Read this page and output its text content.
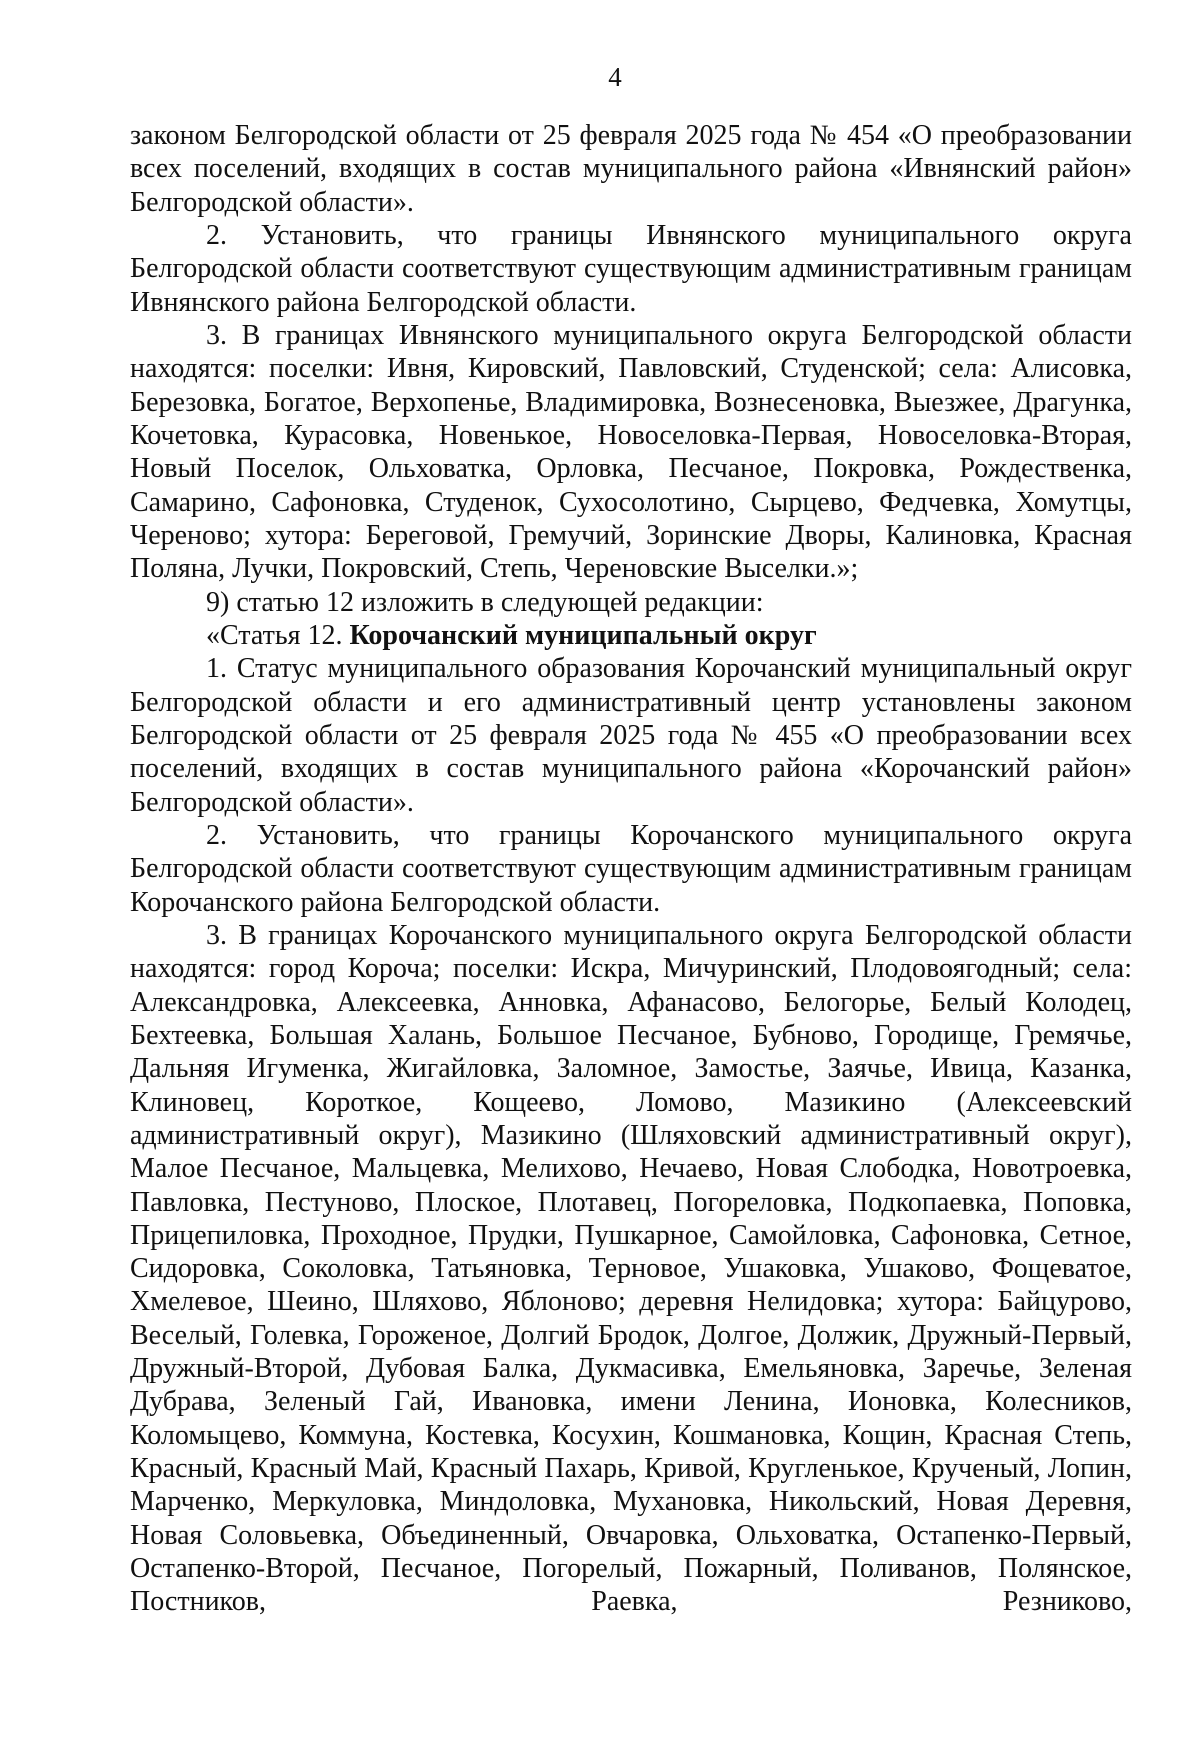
4

законом Белгородской области от 25 февраля 2025 года № 454 «О преобразовании всех поселений, входящих в состав муниципального района «Ивнянский район» Белгородской области».

2. Установить, что границы Ивнянского муниципального округа Белгородской области соответствуют существующим административным границам Ивнянского района Белгородской области.

3. В границах Ивнянского муниципального округа Белгородской области находятся: поселки: Ивня, Кировский, Павловский, Студенской; села: Алисовка, Березовка, Богатое, Верхопенье, Владимировка, Вознесеновка, Выезжее, Драгунка, Кочетовка, Курасовка, Новенькое, Новоселовка-Первая, Новоселовка-Вторая, Новый Поселок, Ольховатка, Орловка, Песчаное, Покровка, Рождественка, Самарино, Сафоновка, Студенок, Сухосолотино, Сырцево, Федчевка, Хомутцы, Череново; хутора: Береговой, Гремучий, Зоринские Дворы, Калиновка, Красная Поляна, Лучки, Покровский, Степь, Череновские Выселки.»;

9) статью 12 изложить в следующей редакции:

«Статья 12. Корочанский муниципальный округ

1. Статус муниципального образования Корочанский муниципальный округ Белгородской области и его административный центр установлены законом Белгородской области от 25 февраля 2025 года № 455 «О преобразовании всех поселений, входящих в состав муниципального района «Корочанский район» Белгородской области».

2. Установить, что границы Корочанского муниципального округа Белгородской области соответствуют существующим административным границам Корочанского района Белгородской области.

3. В границах Корочанского муниципального округа Белгородской области находятся: город Короча; поселки: Искра, Мичуринский, Плодовоягодный; села: Александровка, Алексеевка, Анновка, Афанасово, Белогорье, Белый Колодец, Бехтеевка, Большая Халань, Большое Песчаное, Бубново, Городище, Гремячье, Дальняя Игуменка, Жигайловка, Заломное, Замостье, Заячье, Ивица, Казанка, Клиновец, Короткое, Кощеево, Ломово, Мазикино (Алексеевский административный округ), Мазикино (Шляховский административный округ), Малое Песчаное, Мальцевка, Мелихово, Нечаево, Новая Слободка, Новотроевка, Павловка, Пестуново, Плоское, Плотавец, Погореловка, Подкопаевка, Поповка, Прицепиловка, Проходное, Прудки, Пушкарное, Самойловка, Сафоновка, Сетное, Сидоровка, Соколовка, Татьяновка, Терновое, Ушаковка, Ушаково, Фощеватое, Хмелевое, Шеино, Шляхово, Яблоново; деревня Нелидовка; хутора: Байцурово, Веселый, Голевка, Гороженое, Долгий Бродок, Долгое, Должик, Дружный-Первый, Дружный-Второй, Дубовая Балка, Дукмасивка, Емельяновка, Заречье, Зеленая Дубрава, Зеленый Гай, Ивановка, имени Ленина, Ионовка, Колесников, Коломыцево, Коммуна, Костевка, Косухин, Кошмановка, Кощин, Красная Степь, Красный, Красный Май, Красный Пахарь, Кривой, Кругленькое, Крученый, Лопин, Марченко, Меркуловка, Миндоловка, Мухановка, Никольский, Новая Деревня, Новая Соловьевка, Объединенный, Овчаровка, Ольховатка, Остапенко-Первый, Остапенко-Второй, Песчаное, Погорелый, Пожарный, Поливанов, Полянское, Постников, Раевка, Резниково,
